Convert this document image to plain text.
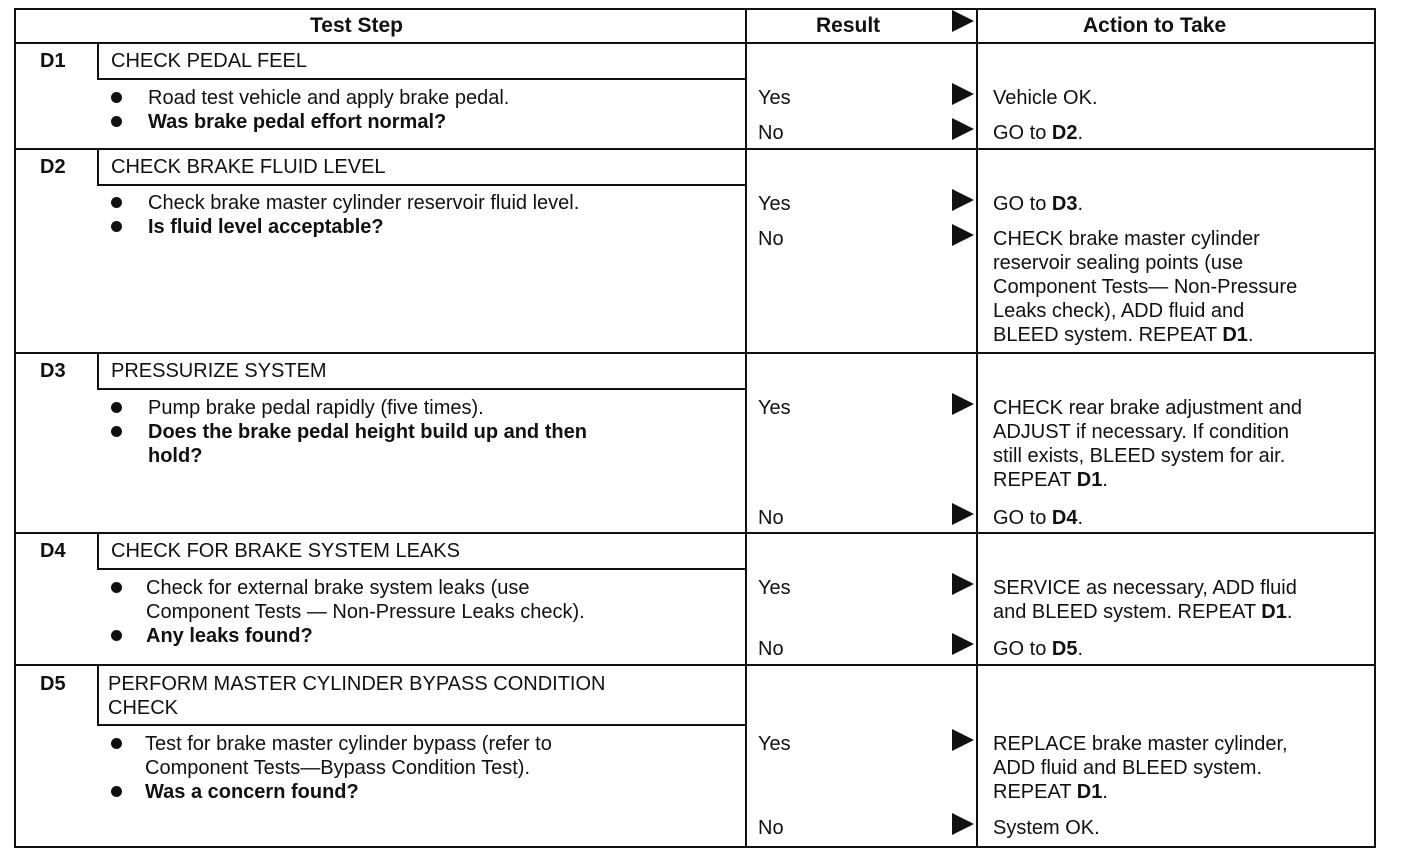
Test Step	Result	Action to Take
D1 CHECK PEDAL FEEL
Road test vehicle and apply brake pedal.
Was brake pedal effort normal?
Yes	Vehicle OK.
No	GO to D2.
D2 CHECK BRAKE FLUID LEVEL
Check brake master cylinder reservoir fluid level.
Is fluid level acceptable?
Yes	GO to D3.
No	CHECK brake master cylinder
reservoir sealing points (use
Component Tests— Non-Pressure
Leaks check), ADD fluid and
BLEED system. REPEAT D1.
D3 PRESSURIZE SYSTEM
Pump brake pedal rapidly (five times).
Does the brake pedal height build up and then
hold?
Yes	CHECK rear brake adjustment and
ADJUST if necessary. If condition
still exists, BLEED system for air.
REPEAT D1.
No	GO to D4.
D4 CHECK FOR BRAKE SYSTEM LEAKS
Check for external brake system leaks (use
Component Tests — Non-Pressure Leaks check).
Any leaks found?
Yes	SERVICE as necessary, ADD fluid
and BLEED system. REPEAT D1.
No	GO to D5.
D5 PERFORM MASTER CYLINDER BYPASS CONDITION
CHECK
Test for brake master cylinder bypass (refer to
Component Tests—Bypass Condition Test).
Was a concern found?
Yes	REPLACE brake master cylinder,
ADD fluid and BLEED system.
REPEAT D1.
No	System OK.
